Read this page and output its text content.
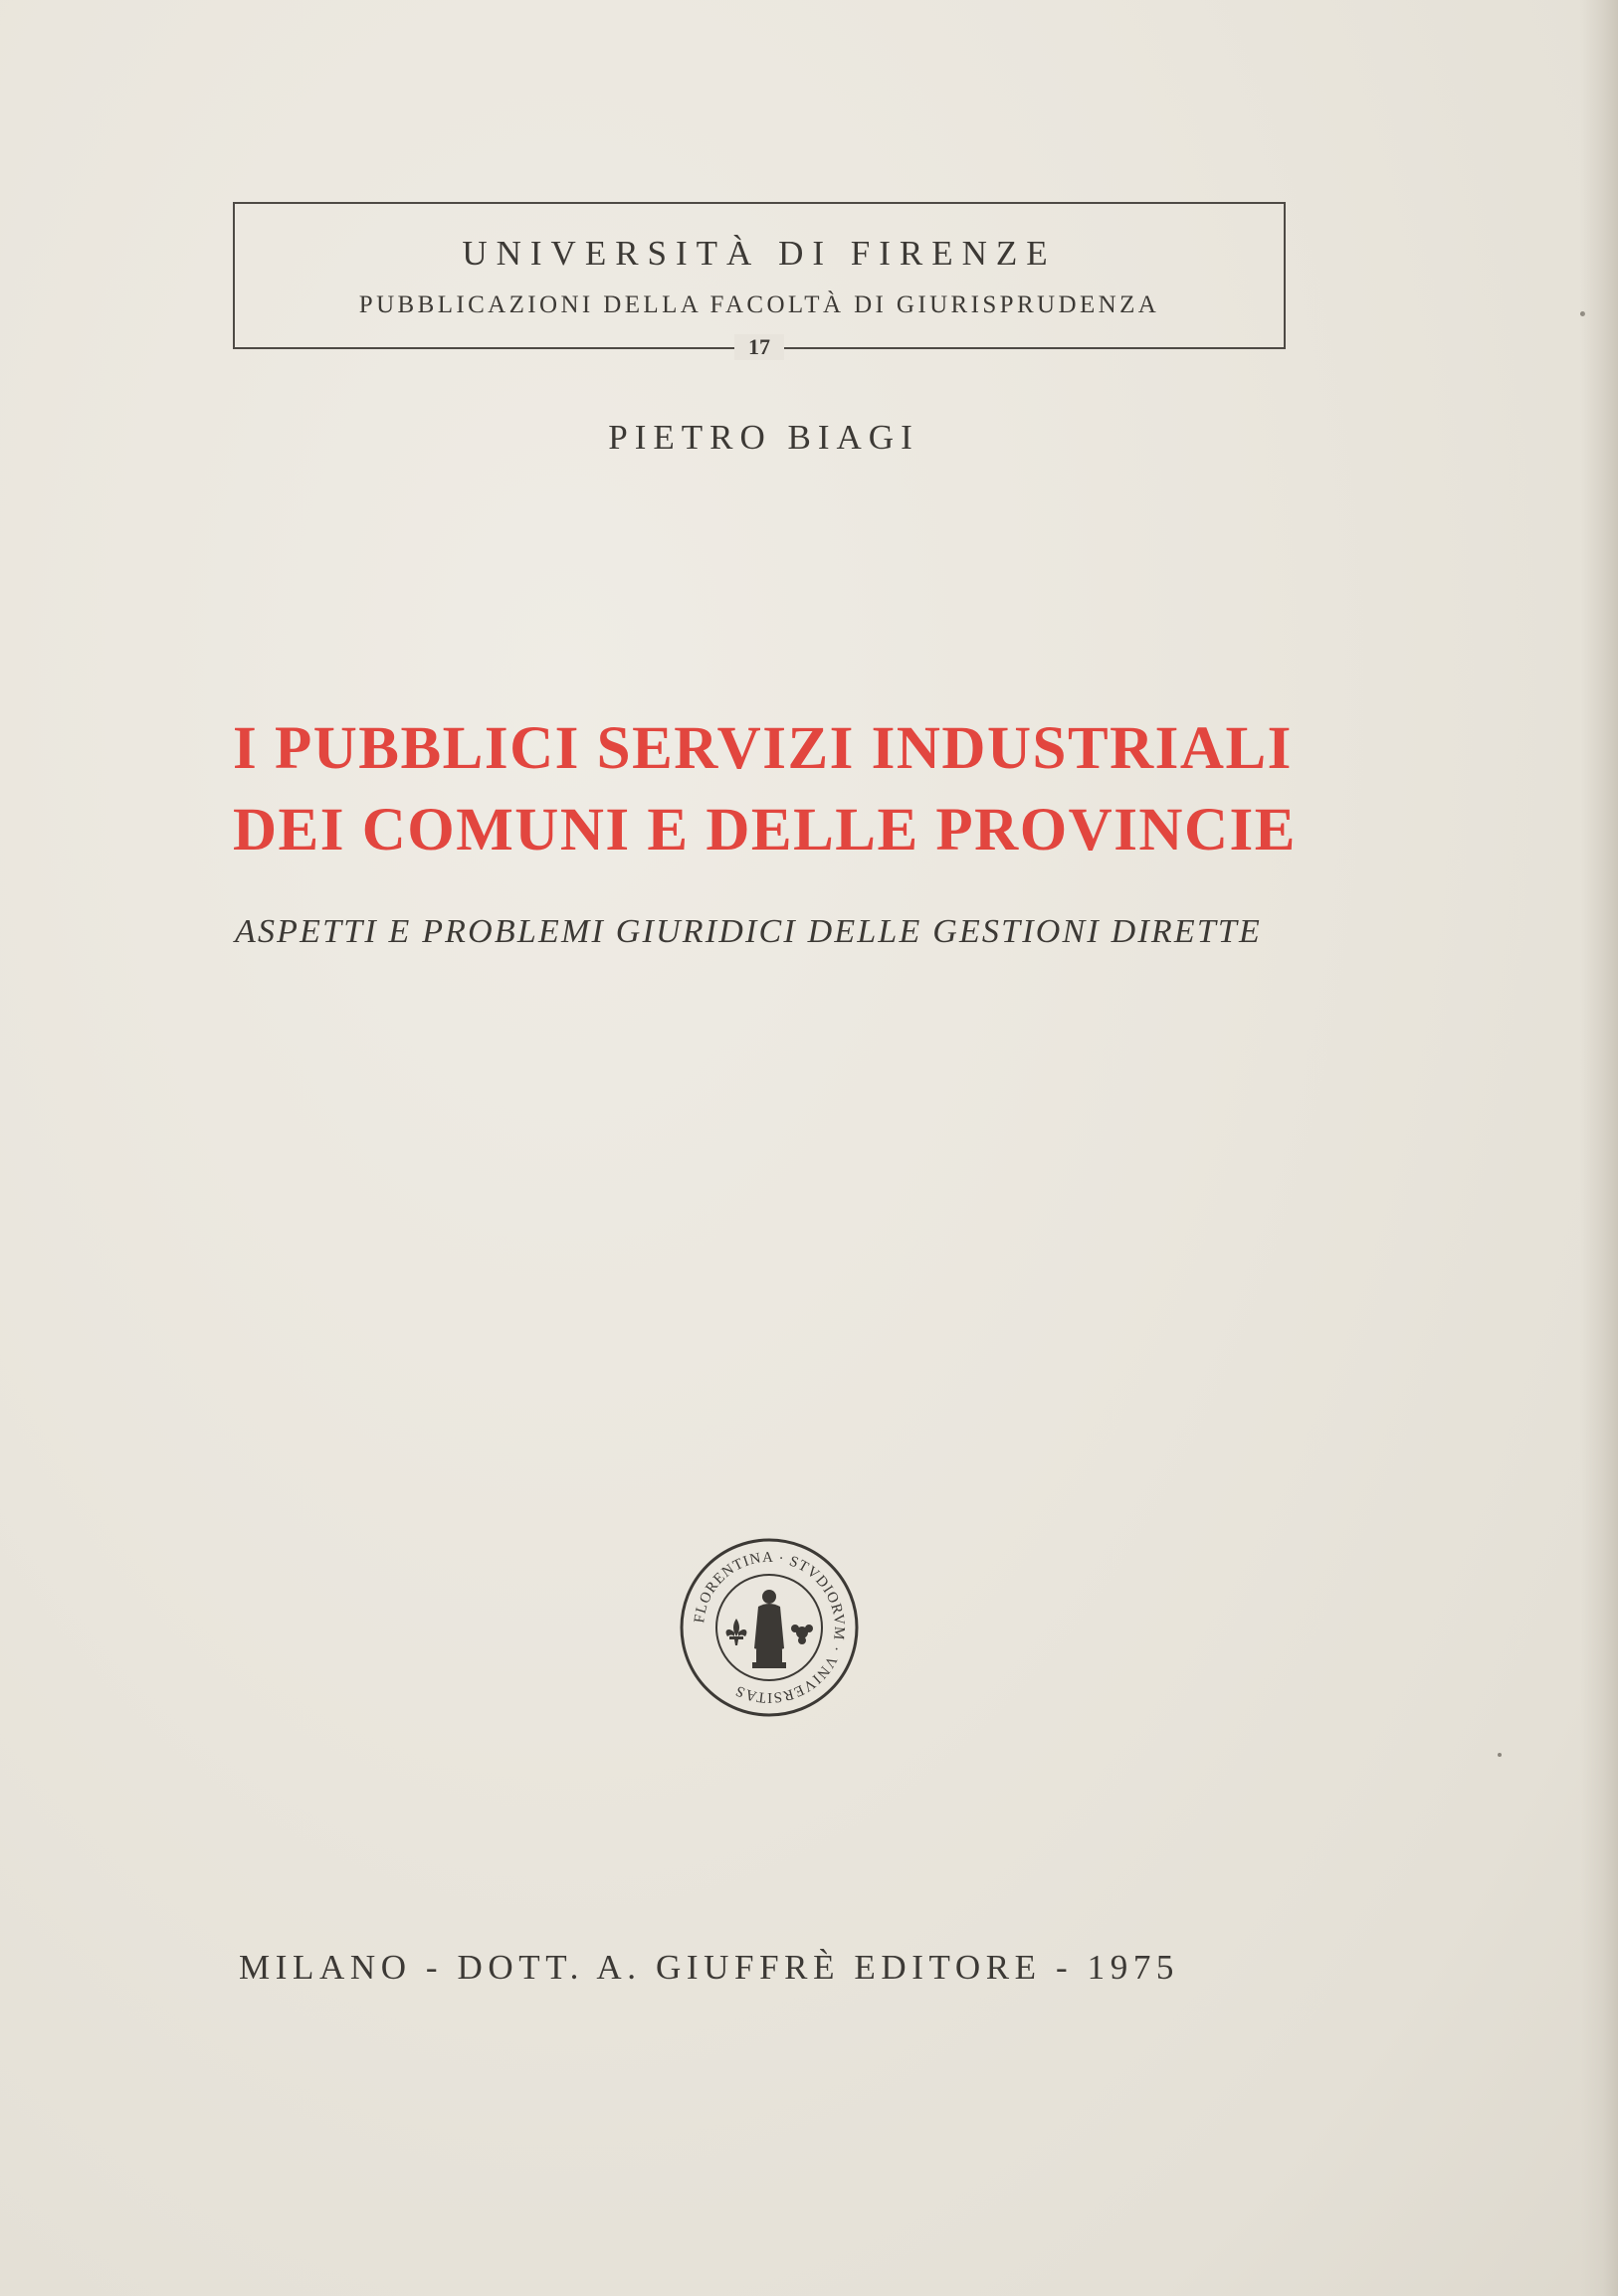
UNIVERSITÀ DI FIRENZE
PUBBLICAZIONI DELLA FACOLTÀ DI GIURISPRUDENZA
17
PIETRO BIAGI
I PUBBLICI SERVIZI INDUSTRIALI
DEI COMUNI E DELLE PROVINCIE
ASPETTI E PROBLEMI GIURIDICI DELLE GESTIONI DIRETTE
FLORENTINA · STVDIORVM · VNIVERSITAS
MILANO - DOTT. A. GIUFFRÈ EDITORE - 1975
